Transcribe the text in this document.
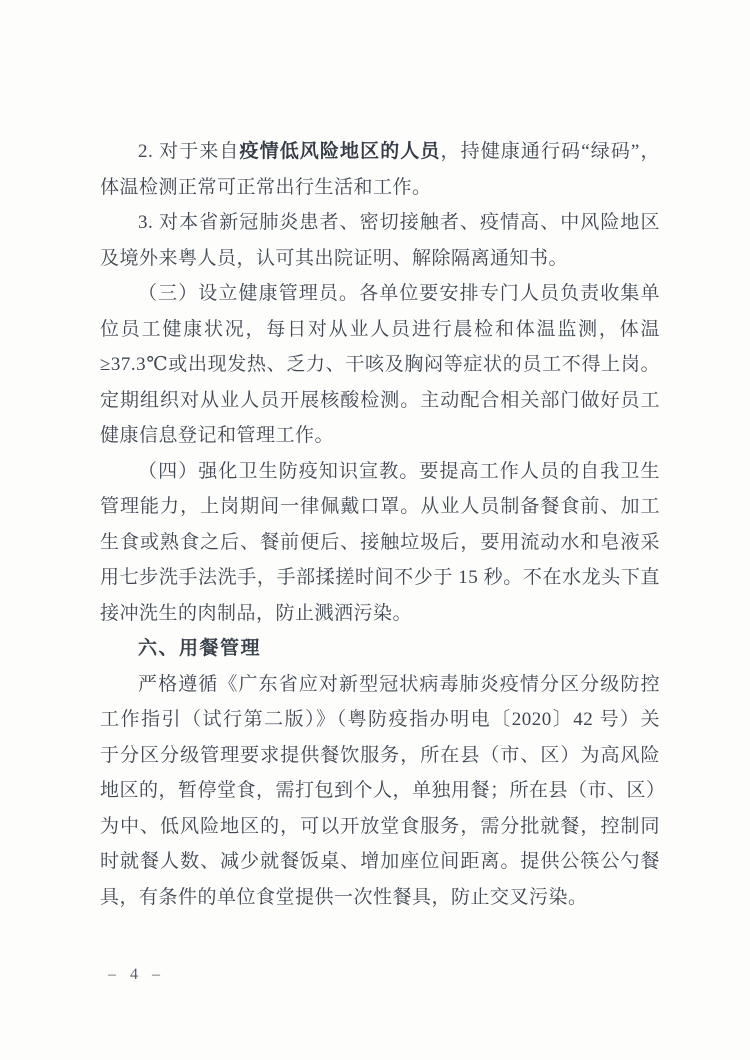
2. 对于来自疫情低风险地区的人员，持健康通行码“绿码”，
体温检测正常可正常出行生活和工作。
3. 对本省新冠肺炎患者、密切接触者、疫情高、中风险地区
及境外来粤人员，认可其出院证明、解除隔离通知书。
（三）设立健康管理员。各单位要安排专门人员负责收集单
位员工健康状况，每日对从业人员进行晨检和体温监测，体温
≥37.3℃或出现发热、乏力、干咳及胸闷等症状的员工不得上岗。
定期组织对从业人员开展核酸检测。主动配合相关部门做好员工
健康信息登记和管理工作。
（四）强化卫生防疫知识宣教。要提高工作人员的自我卫生
管理能力，上岗期间一律佩戴口罩。从业人员制备餐食前、加工
生食或熟食之后、餐前便后、接触垃圾后，要用流动水和皂液采
用七步洗手法洗手，手部揉搓时间不少于 15 秒。不在水龙头下直
接冲洗生的肉制品，防止溅洒污染。
六、用餐管理
严格遵循《广东省应对新型冠状病毒肺炎疫情分区分级防控
工作指引（试行第二版）》（粤防疫指办明电〔2020〕42 号）关
于分区分级管理要求提供餐饮服务，所在县（市、区）为高风险
地区的，暂停堂食，需打包到个人，单独用餐；所在县（市、区）
为中、低风险地区的，可以开放堂食服务，需分批就餐，控制同
时就餐人数、减少就餐饭桌、增加座位间距离。提供公筷公勺餐
具，有条件的单位食堂提供一次性餐具，防止交叉污染。
– 4 –
